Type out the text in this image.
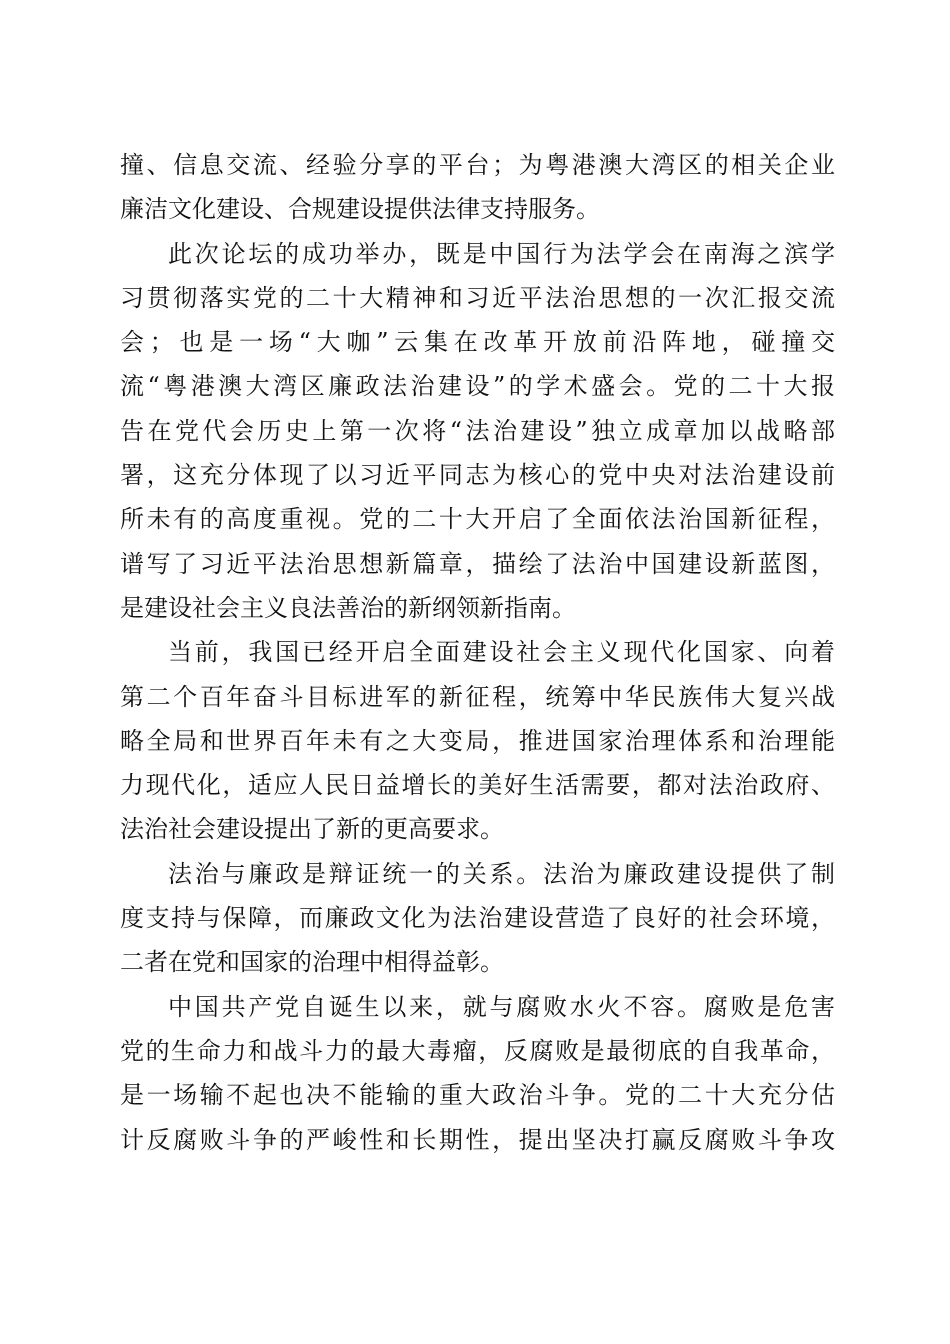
撞、信息交流、经验分享的平台；为粤港澳大湾区的相关企业
廉洁文化建设、合规建设提供法律支持服务。
此次论坛的成功举办，既是中国行为法学会在南海之滨学
习贯彻落实党的二十大精神和习近平法治思想的一次汇报交流
会；也是一场“大咖”云集在改革开放前沿阵地，碰撞交
流“粤港澳大湾区廉政法治建设”的学术盛会。党的二十大报
告在党代会历史上第一次将“法治建设”独立成章加以战略部
署，这充分体现了以习近平同志为核心的党中央对法治建设前
所未有的高度重视。党的二十大开启了全面依法治国新征程，
谱写了习近平法治思想新篇章，描绘了法治中国建设新蓝图，
是建设社会主义良法善治的新纲领新指南。
当前，我国已经开启全面建设社会主义现代化国家、向着
第二个百年奋斗目标进军的新征程，统筹中华民族伟大复兴战
略全局和世界百年未有之大变局，推进国家治理体系和治理能
力现代化，适应人民日益增长的美好生活需要，都对法治政府、
法治社会建设提出了新的更高要求。
法治与廉政是辩证统一的关系。法治为廉政建设提供了制
度支持与保障，而廉政文化为法治建设营造了良好的社会环境，
二者在党和国家的治理中相得益彰。
中国共产党自诞生以来，就与腐败水火不容。腐败是危害
党的生命力和战斗力的最大毒瘤，反腐败是最彻底的自我革命，
是一场输不起也决不能输的重大政治斗争。党的二十大充分估
计反腐败斗争的严峻性和长期性，提出坚决打赢反腐败斗争攻
